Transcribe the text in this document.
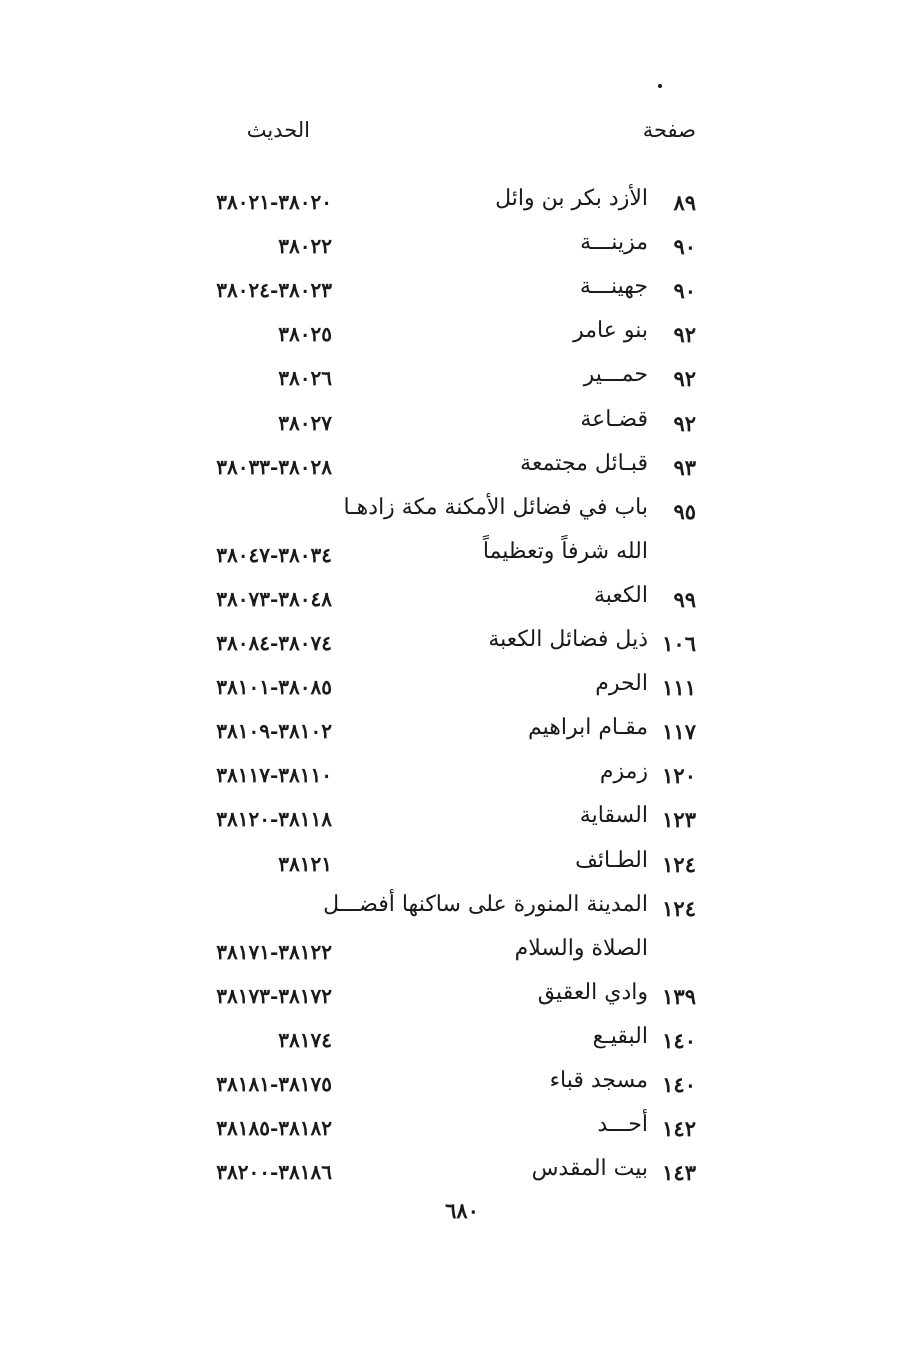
صفحة
الحديث
٨٩
الأزد بكر بن وائل
٣٨٠٢٠-٣٨٠٢١
٩٠
مزينـــة
٣٨٠٢٢
٩٠
جهينـــة
٣٨٠٢٣-٣٨٠٢٤
٩٢
بنو عامر
٣٨٠٢٥
٩٢
حمـــير
٣٨٠٢٦
٩٢
قضـاعة
٣٨٠٢٧
٩٣
قبـائل مجتمعة
٣٨٠٢٨-٣٨٠٣٣
٩٥
باب في فضائل الأمكنة مكة زادهـا
الله شرفاً وتعظيماً
٣٨٠٣٤-٣٨٠٤٧
٩٩
الكعبة
٣٨٠٤٨-٣٨٠٧٣
١٠٦
ذيل فضائل الكعبة
٣٨٠٧٤-٣٨٠٨٤
١١١
الحرم
٣٨٠٨٥-٣٨١٠١
١١٧
مقـام ابراهيم
٣٨١٠٢-٣٨١٠٩
١٢٠
زمزم
٣٨١١٠-٣٨١١٧
١٢٣
السقاية
٣٨١١٨-٣٨١٢٠
١٢٤
الطـائف
٣٨١٢١
١٢٤
المدينة المنورة على ساكنها أفضـــل
الصلاة والسلام
٣٨١٢٢-٣٨١٧١
١٣٩
وادي العقيق
٣٨١٧٢-٣٨١٧٣
١٤٠
البقيـع
٣٨١٧٤
١٤٠
مسجد قباء
٣٨١٧٥-٣٨١٨١
١٤٢
أحـــد
٣٨١٨٢-٣٨١٨٥
١٤٣
بيت المقدس
٣٨١٨٦-٣٨٢٠٠
٦٨٠
